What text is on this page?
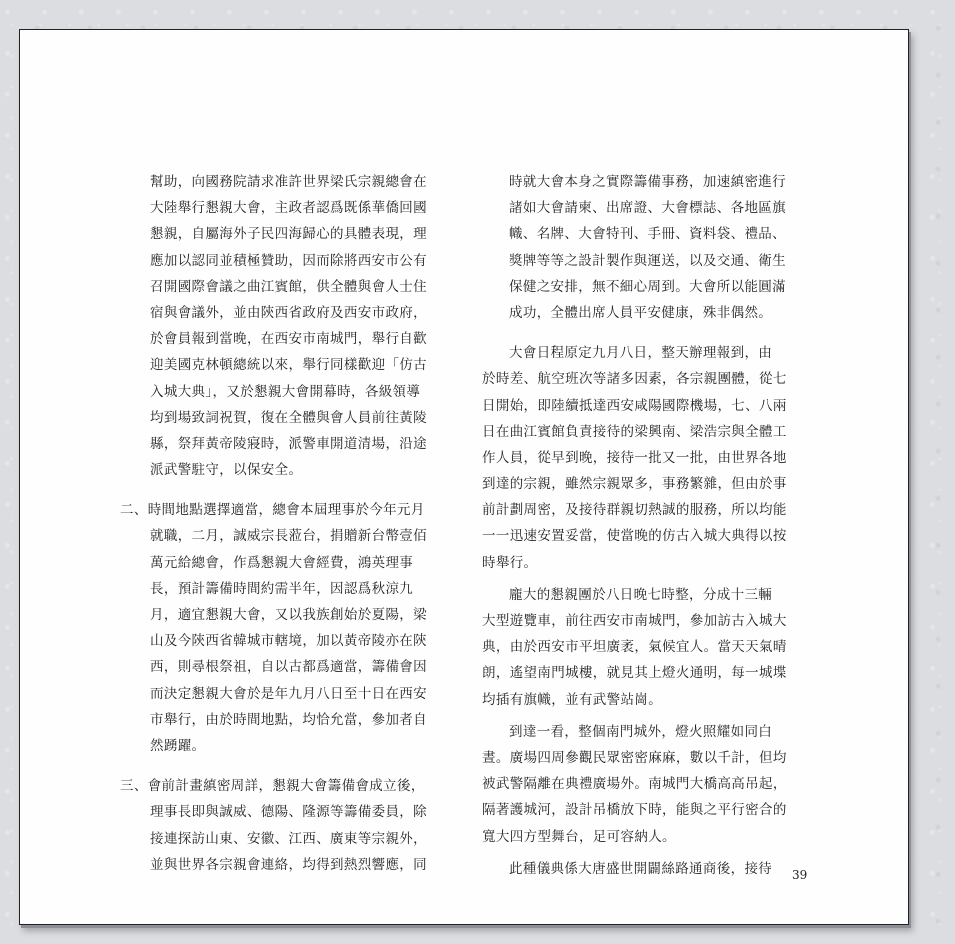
幫助，向國務院請求准許世界梁氏宗親總會在
大陸舉行懇親大會，主政者認爲既係華僑回國
懇親，自屬海外子民四海歸心的具體表現，理
應加以認同並積極贊助，因而除將西安市公有
召開國際會議之曲江賓館，供全體與會人士住
宿與會議外，並由陝西省政府及西安市政府，
於會員報到當晚，在西安市南城門，舉行自歡
迎美國克林頓總統以來，舉行同樣歡迎「仿古
入城大典」，又於懇親大會開幕時，各級領導
均到場致詞祝賀，復在全體與會人員前往黃陵
縣，祭拜黃帝陵寢時，派警車開道清場，沿途
派武警駐守，以保安全。
二、時間地點選擇適當，總會本屆理事於今年元月
就職，二月，誠威宗長蒞台，捐贈新台幣壹佰
萬元給總會，作爲懇親大會經費，鴻英理事
長，預計籌備時間約需半年，因認爲秋涼九
月，適宜懇親大會，又以我族創始於夏陽，梁
山及今陝西省韓城市轄境，加以黃帝陵亦在陝
西，則尋根祭祖，自以古都爲適當，籌備會因
而決定懇親大會於是年九月八日至十日在西安
市舉行，由於時間地點，均恰允當，參加者自
然踴躍。
三、會前計畫縝密周詳，懇親大會籌備會成立後，
理事長即與誠威、德陽、隆源等籌備委員，除
接連探訪山東、安徽、江西、廣東等宗親外，
並與世界各宗親會連絡，均得到熱烈響應，同
時就大會本身之實際籌備事務，加速縝密進行
諸如大會請柬、出席證、大會標誌、各地區旗
幟、名牌、大會特刊、手冊、資料袋、禮品、
獎牌等等之設計製作與運送，以及交通、衛生
保健之安排，無不細心周到。大會所以能圓滿
成功，全體出席人員平安健康，殊非偶然。
大會日程原定九月八日，整天辦理報到，由
於時差、航空班次等諸多因素，各宗親團體，從七
日開始，即陸續抵達西安咸陽國際機場，七、八兩
日在曲江賓館負責接待的梁興南、梁浩宗與全體工
作人員，從早到晚，接待一批又一批，由世界各地
到達的宗親，雖然宗親眾多，事務繁雜，但由於事
前計劃周密，及接待群親切熱誠的服務，所以均能
一一迅速安置妥當，使當晚的仿古入城大典得以按
時舉行。
龐大的懇親團於八日晚七時整，分成十三輛
大型遊覽車，前往西安市南城門，參加訪古入城大
典，由於西安市平坦廣袤，氣候宜人。當天天氣晴
朗，遙望南門城樓，就見其上燈火通明，每一城堞
均插有旗幟，並有武警站崗。
到達一看，整個南門城外，燈火照耀如同白
晝。廣場四周參觀民眾密密麻麻，數以千計，但均
被武警隔離在典禮廣場外。南城門大橋高高吊起，
隔著護城河，設計吊橋放下時，能與之平行密合的
寬大四方型舞台，足可容納人。
此種儀典係大唐盛世開闢絲路通商後，接待	39
